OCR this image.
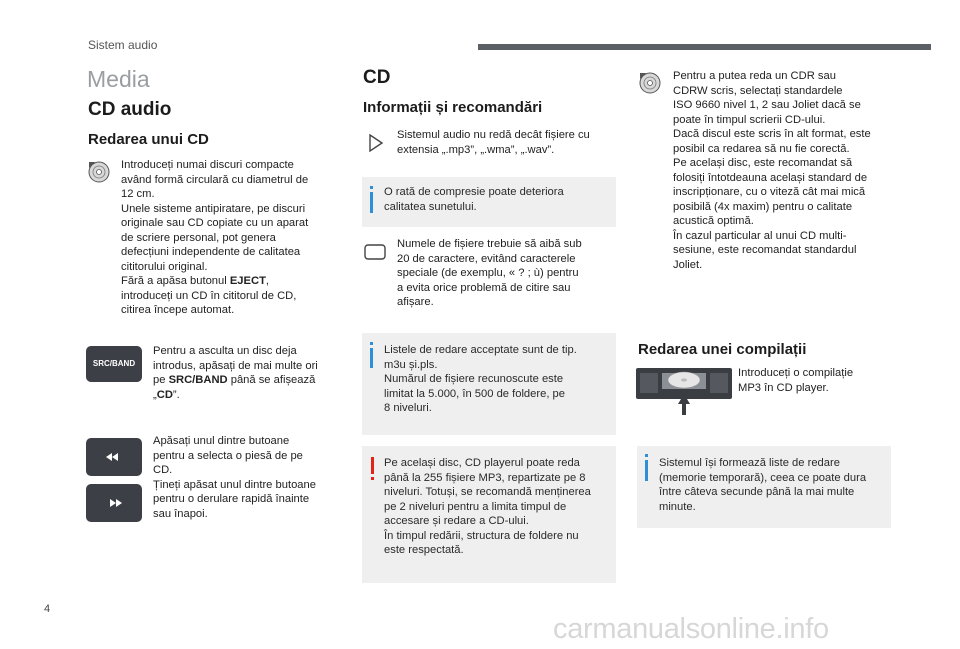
Sistem audio
Media
CD audio
Redarea unui CD
Introduceți numai discuri compacte
având formă circulară cu diametrul de
12 cm.
Unele sisteme antipiratare, pe discuri
originale sau CD copiate cu un aparat
de scriere personal, pot genera
defecțiuni independente de calitatea
cititorului original.
Fără a apăsa butonul EJECT,
introduceți un CD în cititorul de CD,
citirea începe automat.
SRC/BAND
Pentru a asculta un disc deja
introdus, apăsați de mai multe ori
pe SRC/BAND până se afișează
„CD”.
Apăsați unul dintre butoane
pentru a selecta o piesă de pe
CD.
Țineți apăsat unul dintre butoane
pentru o derulare rapidă înainte
sau înapoi.
CD
Informații și recomandări
Sistemul audio nu redă decât fișiere cu
extensia „.mp3”, „.wma”, „.wav”.
O rată de compresie poate deteriora
calitatea sunetului.
Numele de fișiere trebuie să aibă sub
20 de caractere, evitând caracterele
speciale (de exemplu, « ? ; ù) pentru
a evita orice problemă de citire sau
afișare.
Listele de redare acceptate sunt de tip.
m3u și.pls.
Numărul de fișiere recunoscute este
limitat la 5.000, în 500 de foldere, pe
8 niveluri.
Pe același disc, CD playerul poate reda
până la 255 fișiere MP3, repartizate pe 8
niveluri. Totuși, se recomandă menținerea
pe 2 niveluri pentru a limita timpul de
accesare și redare a CD-ului.
În timpul redării, structura de foldere nu
este respectată.
Pentru a putea reda un CDR sau
CDRW scris, selectați standardele
ISO 9660 nivel 1, 2 sau Joliet dacă se
poate în timpul scrierii CD-ului.
Dacă discul este scris în alt format, este
posibil ca redarea să nu fie corectă.
Pe același disc, este recomandat să
folosiți întotdeauna același standard de
inscripționare, cu o viteză cât mai mică
posibilă (4x maxim) pentru o calitate
acustică optimă.
În cazul particular al unui CD multi-
sesiune, este recomandat standardul
Joliet.
Redarea unei compilații
Introduceți o compilație
MP3 în CD player.
Sistemul își formează liste de redare
(memorie temporară), ceea ce poate dura
între câteva secunde până la mai multe
minute.
4
carmanualsonline.info
